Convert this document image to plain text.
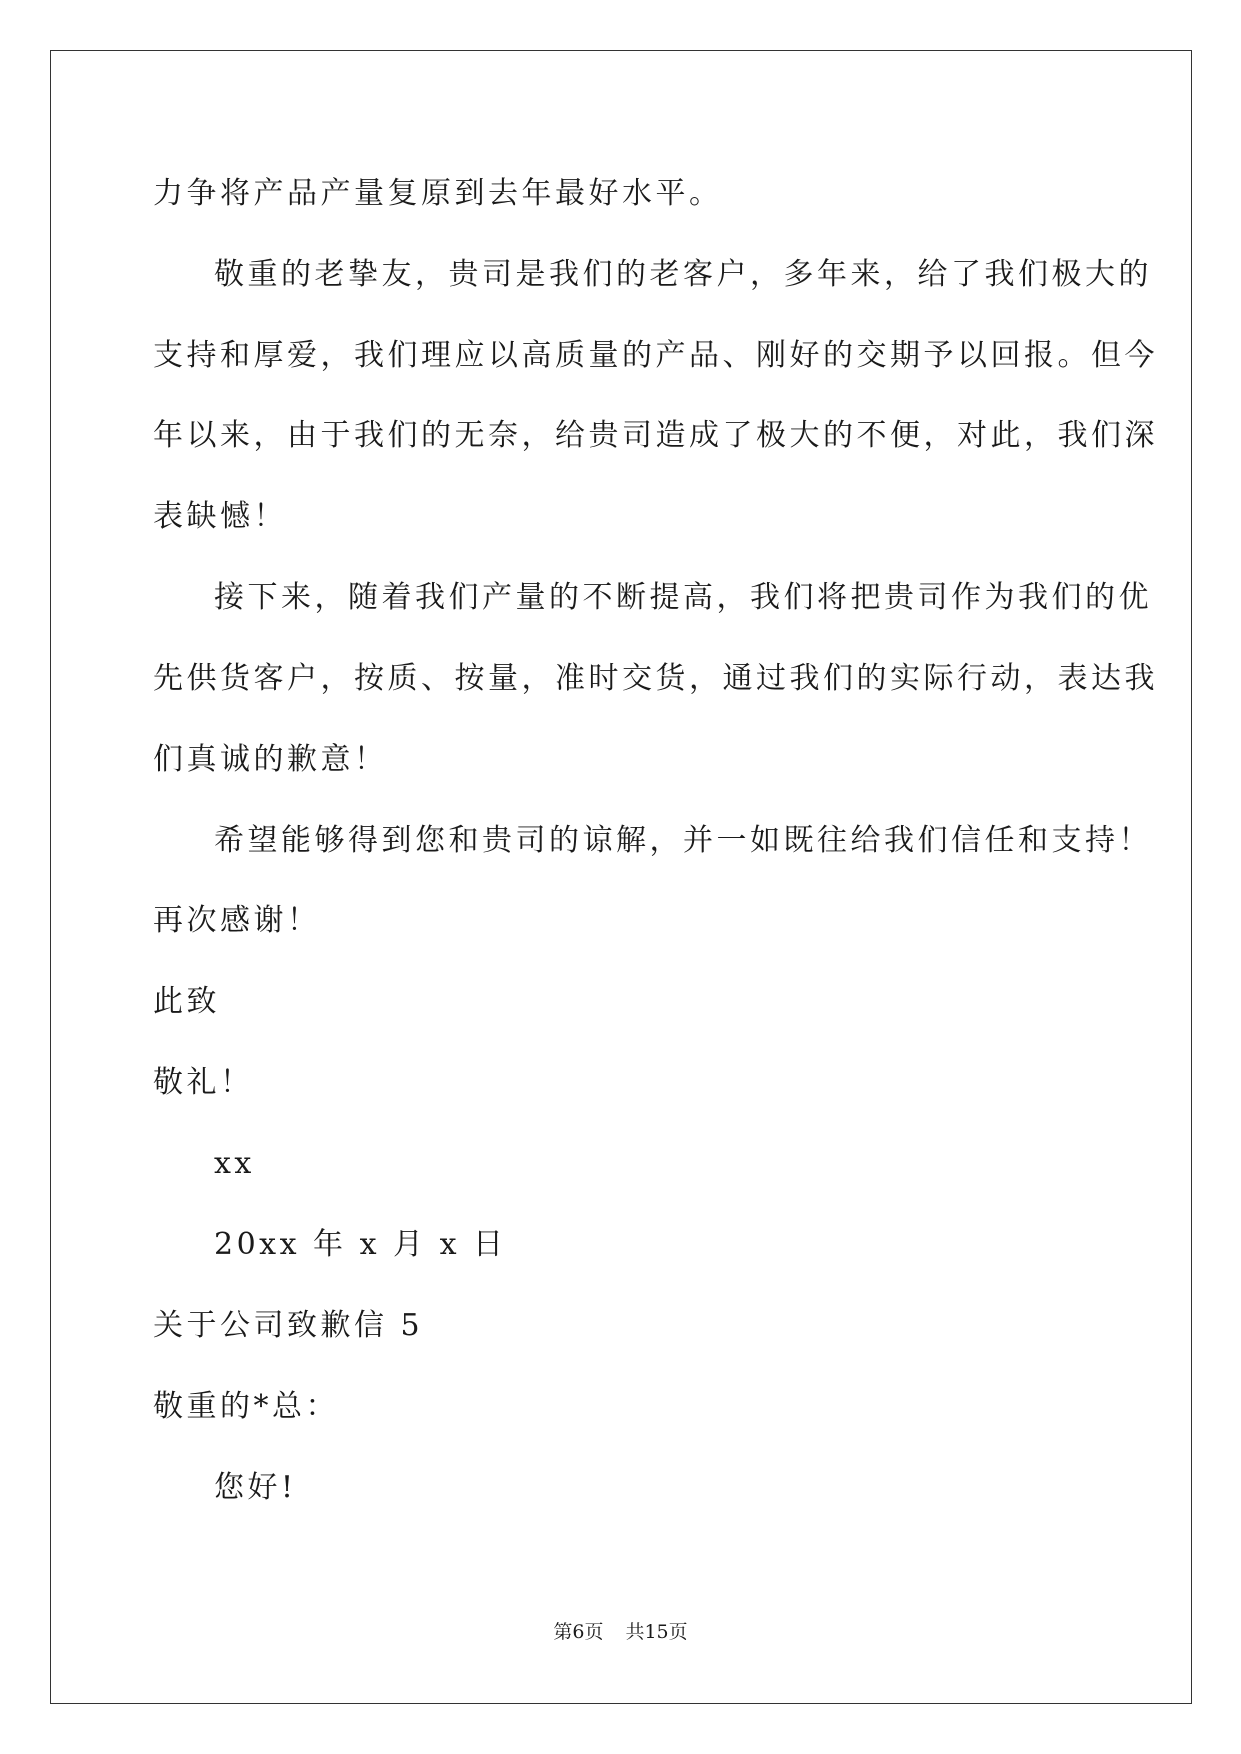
力争将产品产量复原到去年最好水平。
敬重的老挚友，贵司是我们的老客户，多年来，给了我们极大的
支持和厚爱，我们理应以高质量的产品、刚好的交期予以回报。但今
年以来，由于我们的无奈，给贵司造成了极大的不便，对此，我们深
表缺憾！
接下来，随着我们产量的不断提高，我们将把贵司作为我们的优
先供货客户，按质、按量，准时交货，通过我们的实际行动，表达我
们真诚的歉意！
希望能够得到您和贵司的谅解，并一如既往给我们信任和支持！
再次感谢！
此致
敬礼！
xx
20xx 年 x 月 x 日
关于公司致歉信 5
敬重的*总：
您好!
第6页 共15页
